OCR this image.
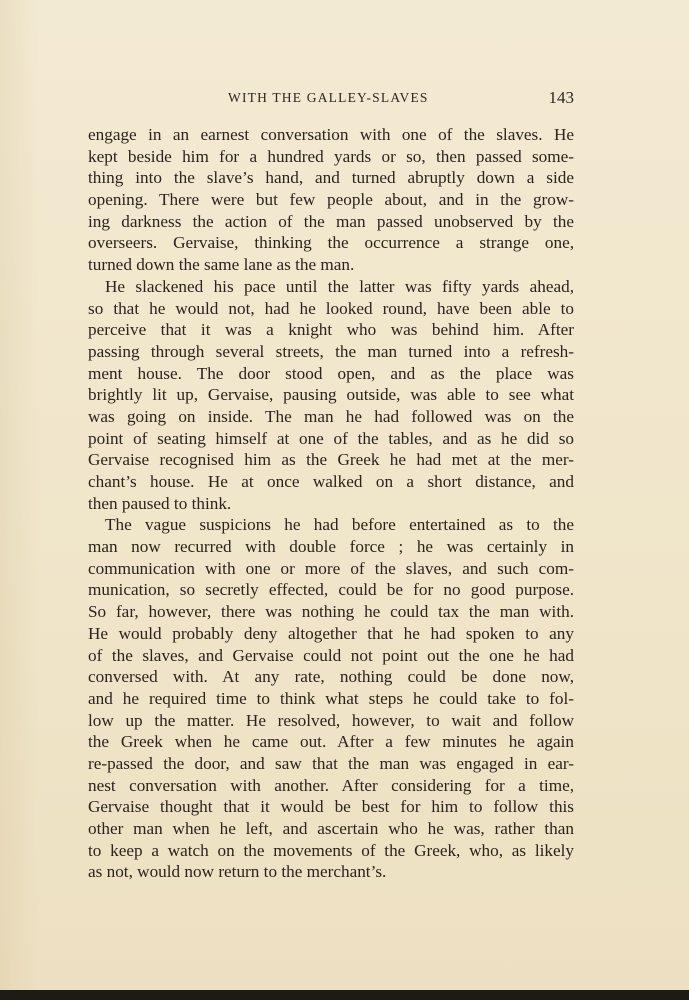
WITH THE GALLEY-SLAVES	143
engage in an earnest conversation with one of the slaves. He
kept beside him for a hundred yards or so, then passed some-
thing into the slave’s hand, and turned abruptly down a side
opening. There were but few people about, and in the grow-
ing darkness the action of the man passed unobserved by the
overseers. Gervaise, thinking the occurrence a strange one,
turned down the same lane as the man.
He slackened his pace until the latter was fifty yards ahead,
so that he would not, had he looked round, have been able to
perceive that it was a knight who was behind him. After
passing through several streets, the man turned into a refresh-
ment house. The door stood open, and as the place was
brightly lit up, Gervaise, pausing outside, was able to see what
was going on inside. The man he had followed was on the
point of seating himself at one of the tables, and as he did so
Gervaise recognised him as the Greek he had met at the mer-
chant’s house. He at once walked on a short distance, and
then paused to think.
The vague suspicions he had before entertained as to the
man now recurred with double force ; he was certainly in
communication with one or more of the slaves, and such com-
munication, so secretly effected, could be for no good purpose.
So far, however, there was nothing he could tax the man with.
He would probably deny altogether that he had spoken to any
of the slaves, and Gervaise could not point out the one he had
conversed with. At any rate, nothing could be done now,
and he required time to think what steps he could take to fol-
low up the matter. He resolved, however, to wait and follow
the Greek when he came out. After a few minutes he again
re-passed the door, and saw that the man was engaged in ear-
nest conversation with another. After considering for a time,
Gervaise thought that it would be best for him to follow this
other man when he left, and ascertain who he was, rather than
to keep a watch on the movements of the Greek, who, as likely
as not, would now return to the merchant’s.
